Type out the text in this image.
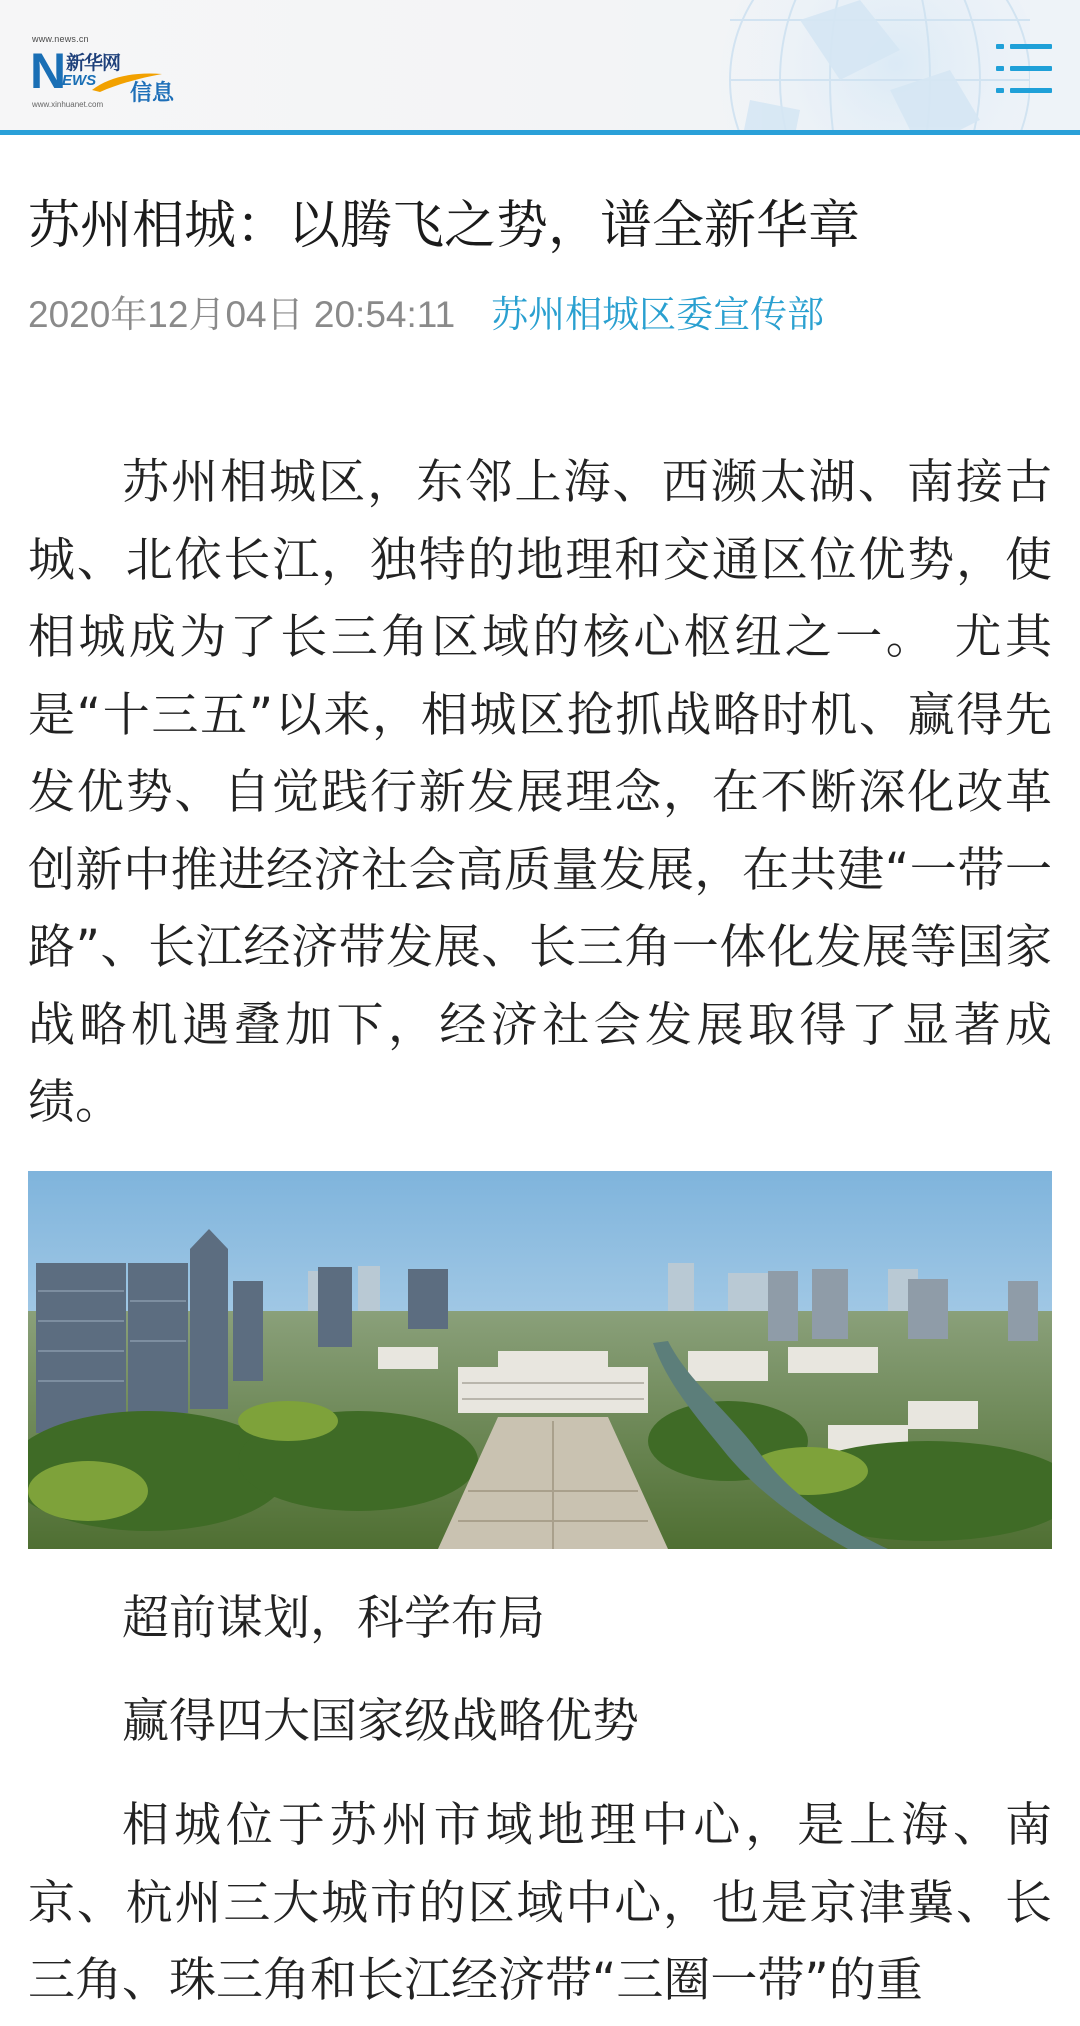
www.news.cn
N 新华网
EWS
www.xinhuanet.com 信息
苏州相城：以腾飞之势，谱全新华章
2020年12月04日 20:54:11 苏州相城区委宣传部

苏州相城区，东邻上海、西濒太湖、南接古城、北依长江，独特的地理和交通区位优势，使相城成为了长三角区域的核心枢纽之一。 尤其是“十三五”以来，相城区抢抓战略时机、赢得先发优势、自觉践行新发展理念，在不断深化改革创新中推进经济社会高质量发展，在共建“一带一路”、长江经济带发展、长三角一体化发展等国家战略机遇叠加下，经济社会发展取得了显著成绩。

超前谋划，科学布局

赢得四大国家级战略优势

相城位于苏州市域地理中心，是上海、南京、杭州三大城市的区域中心，也是京津冀、长三角、珠三角和长江经济带“三圈一带”的重
